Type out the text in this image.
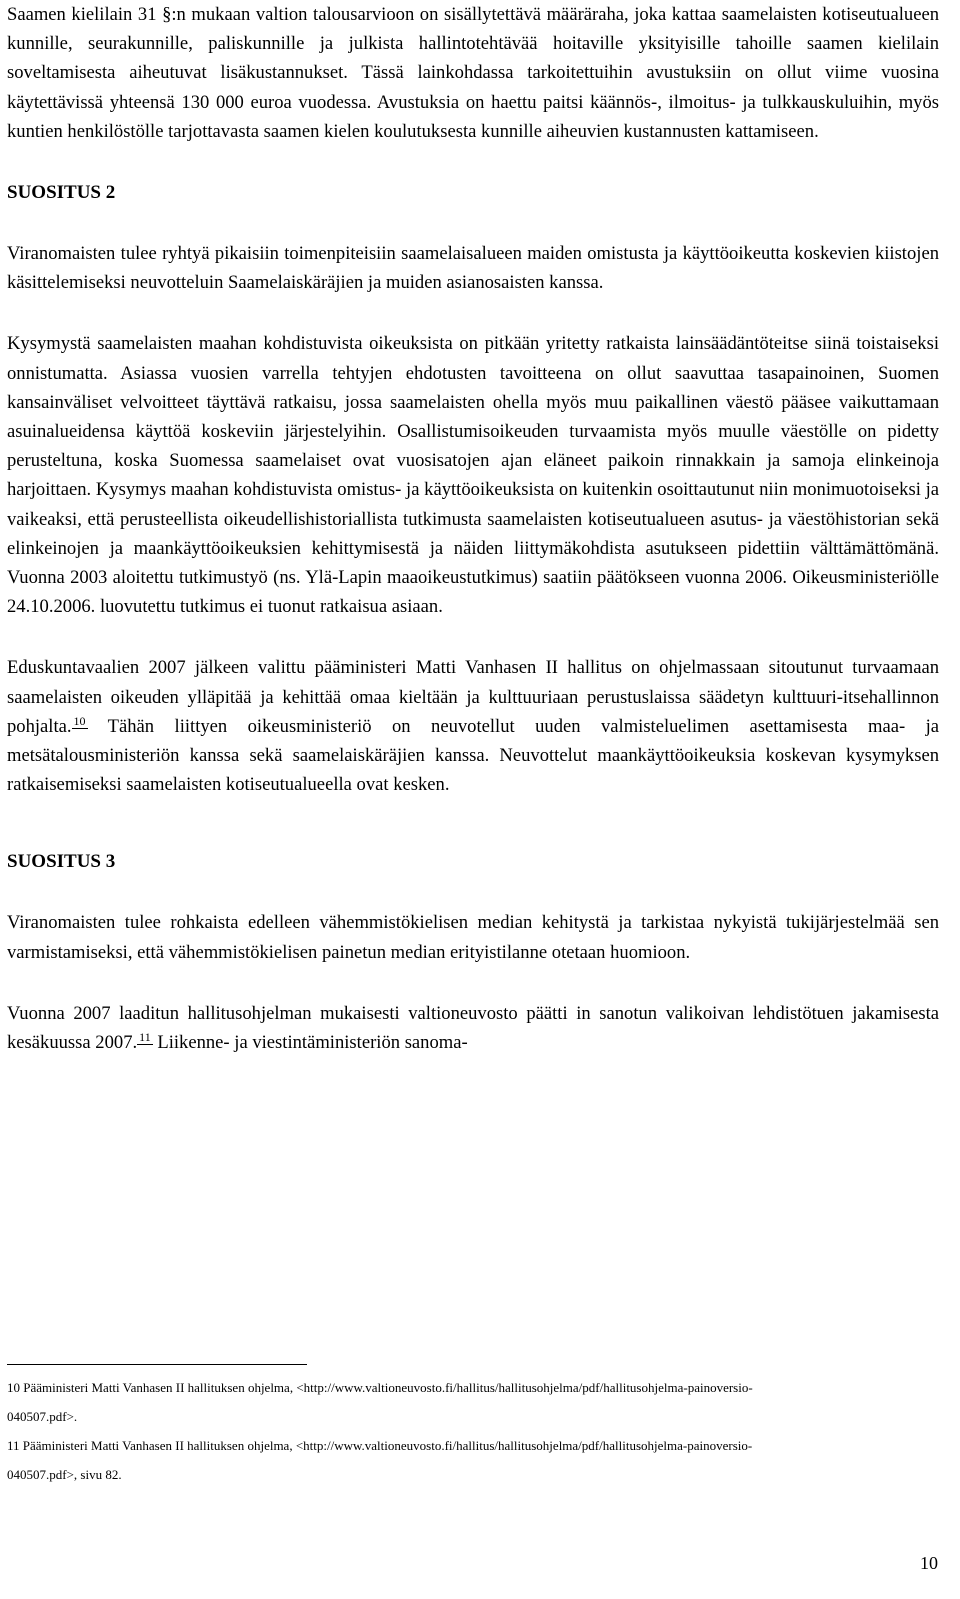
Saamen kielilain 31 §:n mukaan valtion talousarvioon on sisällytettävä määräraha, joka kattaa saamelaisten kotiseutualueen kunnille, seurakunnille, paliskunnille ja julkista hallintotehtävää hoitaville yksityisille tahoille saamen kielilain soveltamisesta aiheutuvat lisäkustannukset. Tässä lainkohdassa tarkoitettuihin avustuksiin on ollut viime vuosina käytettävissä yhteensä 130 000 euroa vuodessa. Avustuksia on haettu paitsi käännös-, ilmoitus- ja tulkkauskuluihin, myös kuntien henkilöstölle tarjottavasta saamen kielen koulutuksesta kunnille aiheuvien kustannusten kattamiseen.

SUOSITUS 2

Viranomaisten tulee ryhtyä pikaisiin toimenpiteisiin saamelaisalueen maiden omistusta ja käyttöoikeutta koskevien kiistojen käsittelemiseksi neuvotteluin Saamelaiskäräjien ja muiden asianosaisten kanssa.

Kysymystä saamelaisten maahan kohdistuvista oikeuksista on pitkään yritetty ratkaista lainsäädäntöteitse siinä toistaiseksi onnistumatta. Asiassa vuosien varrella tehtyjen ehdotusten tavoitteena on ollut saavuttaa tasapainoinen, Suomen kansainväliset velvoitteet täyttävä ratkaisu, jossa saamelaisten ohella myös muu paikallinen väestö pääsee vaikuttamaan asuinalueidensa käyttöä koskeviin järjestelyihin. Osallistumisoikeuden turvaamista myös muulle väestölle on pidetty perusteltuna, koska Suomessa saamelaiset ovat vuosisatojen ajan eläneet paikoin rinnakkain ja samoja elinkeinoja harjoittaen. Kysymys maahan kohdistuvista omistus- ja käyttöoikeuksista on kuitenkin osoittautunut niin monimuotoiseksi ja vaikeaksi, että perusteellista oikeudellishistoriallista tutkimusta saamelaisten kotiseutualueen asutus- ja väestöhistorian sekä elinkeinojen ja maankäyttöoikeuksien kehittymisestä ja näiden liittymäkohdista asutukseen pidettiin välttämättömänä. Vuonna 2003 aloitettu tutkimustyö (ns. Ylä-Lapin maaoikeustutkimus) saatiin päätökseen vuonna 2006. Oikeusministeriölle 24.10.2006. luovutettu tutkimus ei tuonut ratkaisua asiaan.

Eduskuntavaalien 2007 jälkeen valittu pääministeri Matti Vanhasen II hallitus on ohjelmassaan sitoutunut turvaamaan saamelaisten oikeuden ylläpitää ja kehittää omaa kieltään ja kulttuuriaan perustuslaissa säädetyn kulttuuri-itsehallinnon pohjalta. $^{10}$ Tähän liittyen oikeusministeriö on neuvotellut uuden valmisteluelimen asettamisesta maa- ja metsätalousministeriön kanssa sekä saamelaiskäräjien kanssa. Neuvottelut maankäyttöoikeuksia koskevan kysymyksen ratkaisemiseksi saamelaisten kotiseutualueella ovat kesken.

SUOSITUS 3

Viranomaisten tulee rohkaista edelleen vähemmistökielisen median kehitystä ja tarkistaa nykyistä tukijärjestelmää sen varmistamiseksi, että vähemmistökielisen painetun median erityistilanne otetaan huomioon.

Vuonna 2007 laaditun hallitusohjelman mukaisesti valtioneuvosto päätti in sanotun valikoivan lehdistötuen jakamisesta kesäkuussa 2007. $^{11}$ Liikenne- ja viestintäministeriön sanoma-

10 Pääministeri Matti Vanhasen II hallituksen ohjelma, <http://www.valtioneuvosto.fi/hallitus/hallitusohjelma/pdf/hallitusohjelma-painoversio-
040507.pdf>.
11 Pääministeri Matti Vanhasen II hallituksen ohjelma, <http://www.valtioneuvosto.fi/hallitus/hallitusohjelma/pdf/hallitusohjelma-painoversio-
040507.pdf>, sivu 82.
10
